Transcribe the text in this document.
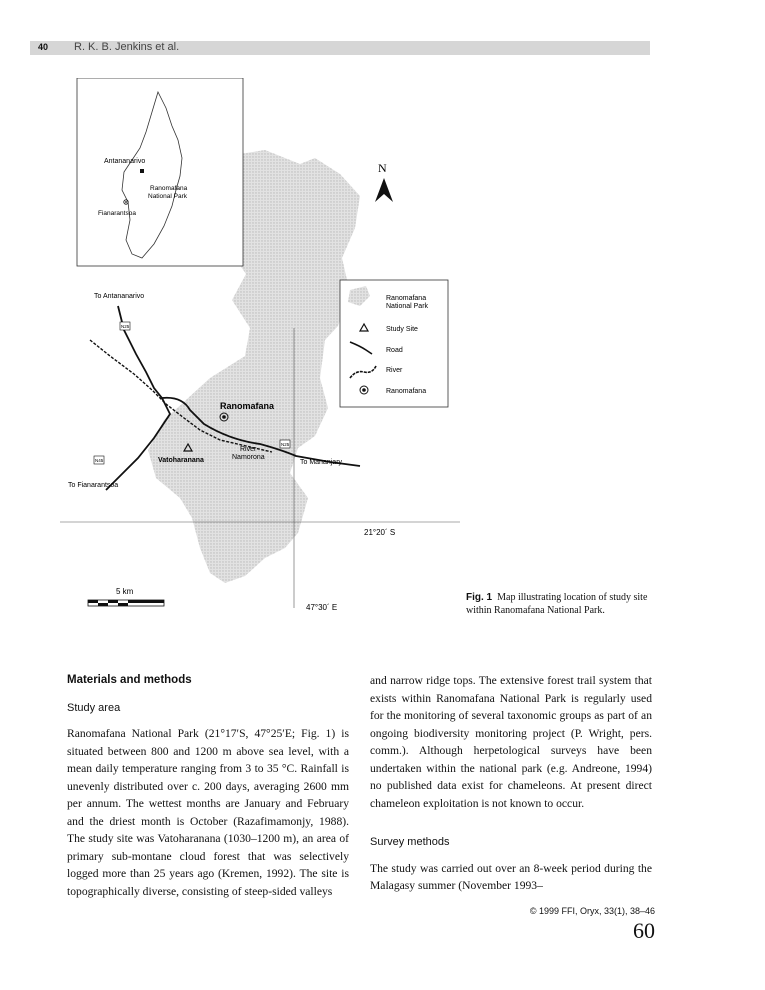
40 R. K. B. Jenkins et al.
Antananarivo
Fianarantsoa
Ranomafana
National Park
N
Ranomafana
National Park
Study Site
Road
River
Ranomafana
N25
N25
N45
Ranomafana
Vatoharanana
River
Namorona
To Antananarivo
To Fianarantsoa
To Mananjary
21°20´ S
47°30´ E
5 km
Fig. 1 Map illustrating location of study site within Ranomafana National Park.
Materials and methods
Study area

Ranomafana National Park (21°17′S, 47°25′E; Fig. 1) is situated between 800 and 1200 m above sea level, with a mean daily temperature ranging from 3 to 35 °C. Rainfall is unevenly distributed over c. 200 days, averaging 2600 mm per annum. The wettest months are January and February and the driest month is October (Razafimamonjy, 1988). The study site was Vatoharanana (1030–1200 m), an area of primary sub-montane cloud forest that was selectively logged more than 25 years ago (Kremen, 1992). The site is topographically diverse, consisting of steep-sided valleys

and narrow ridge tops. The extensive forest trail system that exists within Ranomafana National Park is regularly used for the monitoring of several taxonomic groups as part of an ongoing biodiversity monitoring project (P. Wright, pers. comm.). Although herpetological surveys have been undertaken within the national park (e.g. Andreone, 1994) no published data exist for chameleons. At present direct chameleon exploitation is not known to occur.

Survey methods

The study was carried out over an 8-week period during the Malagasy summer (November 1993–

© 1999 FFI, Oryx, 33(1), 38–46
60
